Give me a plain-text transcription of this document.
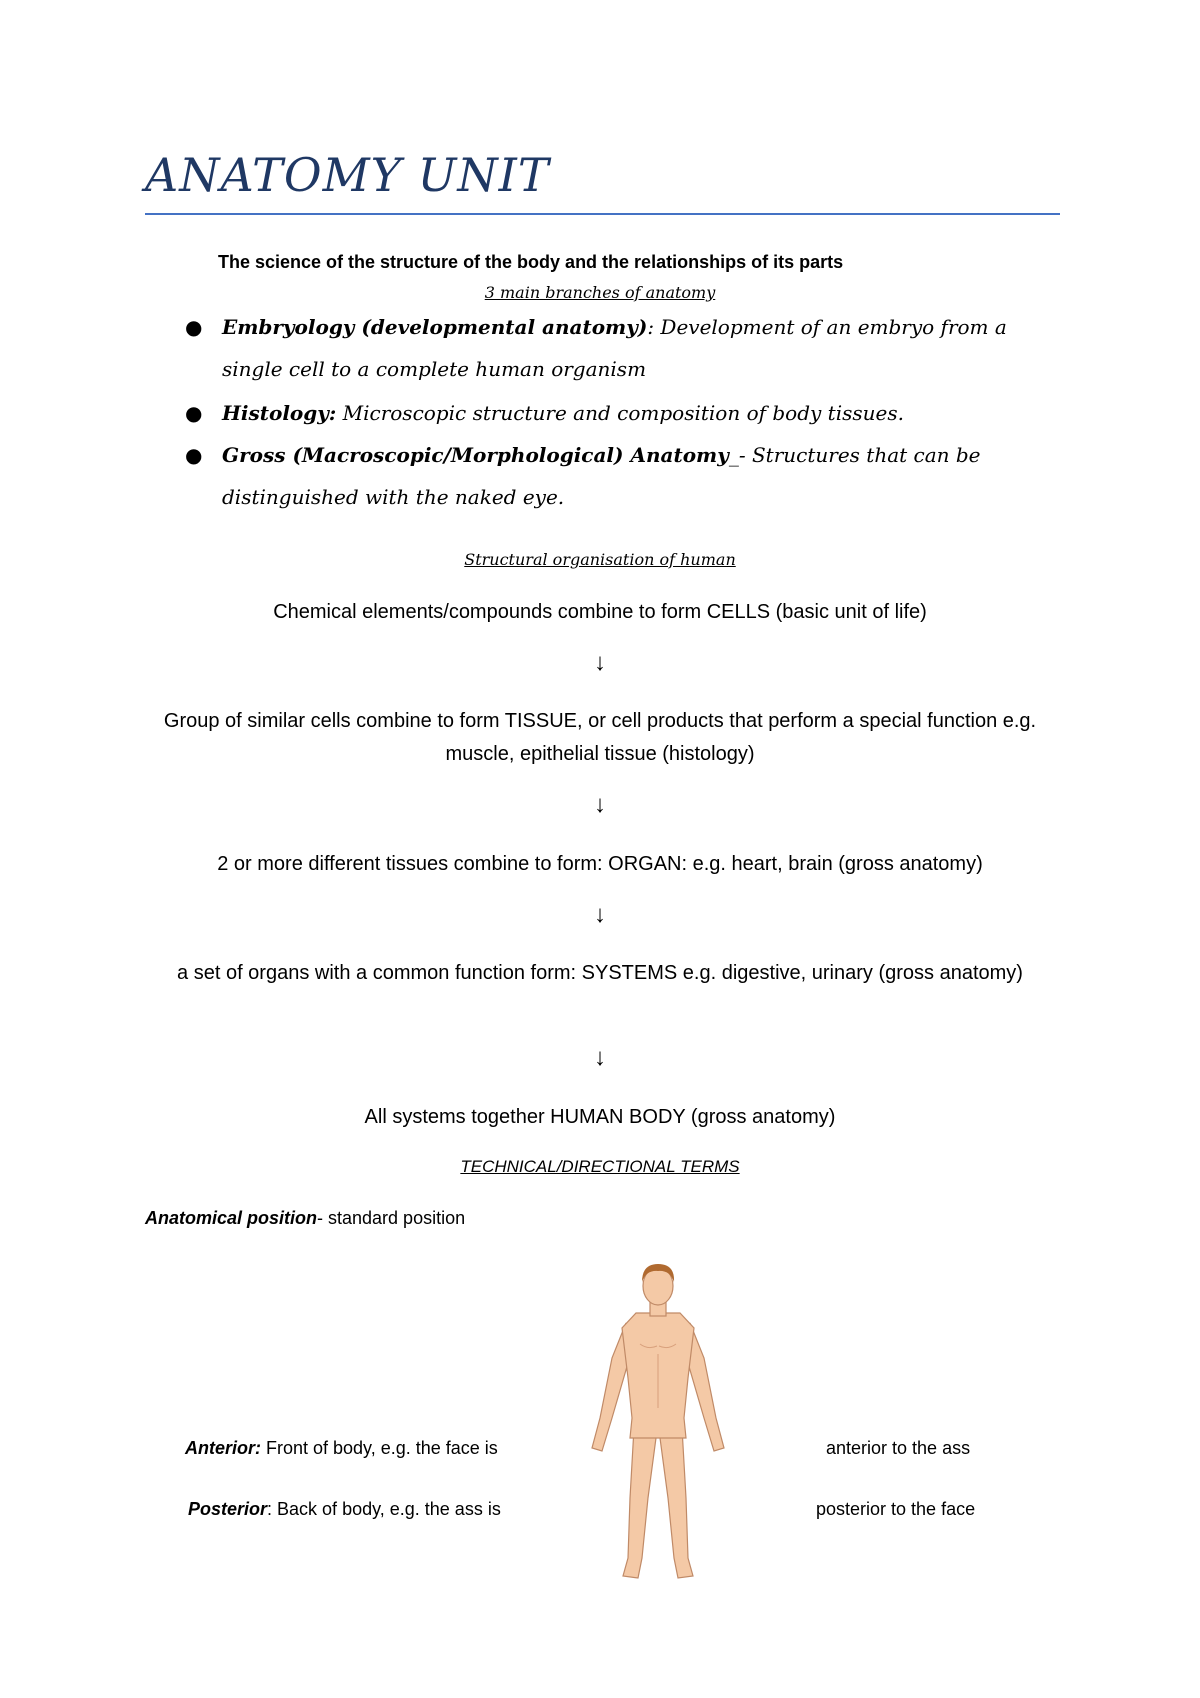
ANATOMY UNIT
The science of the structure of the body and the relationships of its parts
3 main branches of anatomy
● Embryology (developmental anatomy): Development of an embryo from a single cell to a complete human organism
● Histology: Microscopic structure and composition of body tissues.
● Gross (Macroscopic/Morphological) Anatomy_- Structures that can be distinguished with the naked eye.
Structural organisation of human
Chemical elements/compounds combine to form CELLS (basic unit of life)
↓
Group of similar cells combine to form TISSUE, or cell products that perform a special function e.g. muscle, epithelial tissue (histology)
↓
2 or more different tissues combine to form: ORGAN: e.g. heart, brain (gross anatomy)
↓
a set of organs with a common function form: SYSTEMS e.g. digestive, urinary (gross anatomy)
↓
All systems together HUMAN BODY (gross anatomy)
TECHNICAL/DIRECTIONAL TERMS
Anatomical position- standard position
Anterior: Front of body, e.g. the face is	anterior to the ass
Posterior: Back of body, e.g. the ass is	posterior to the face
